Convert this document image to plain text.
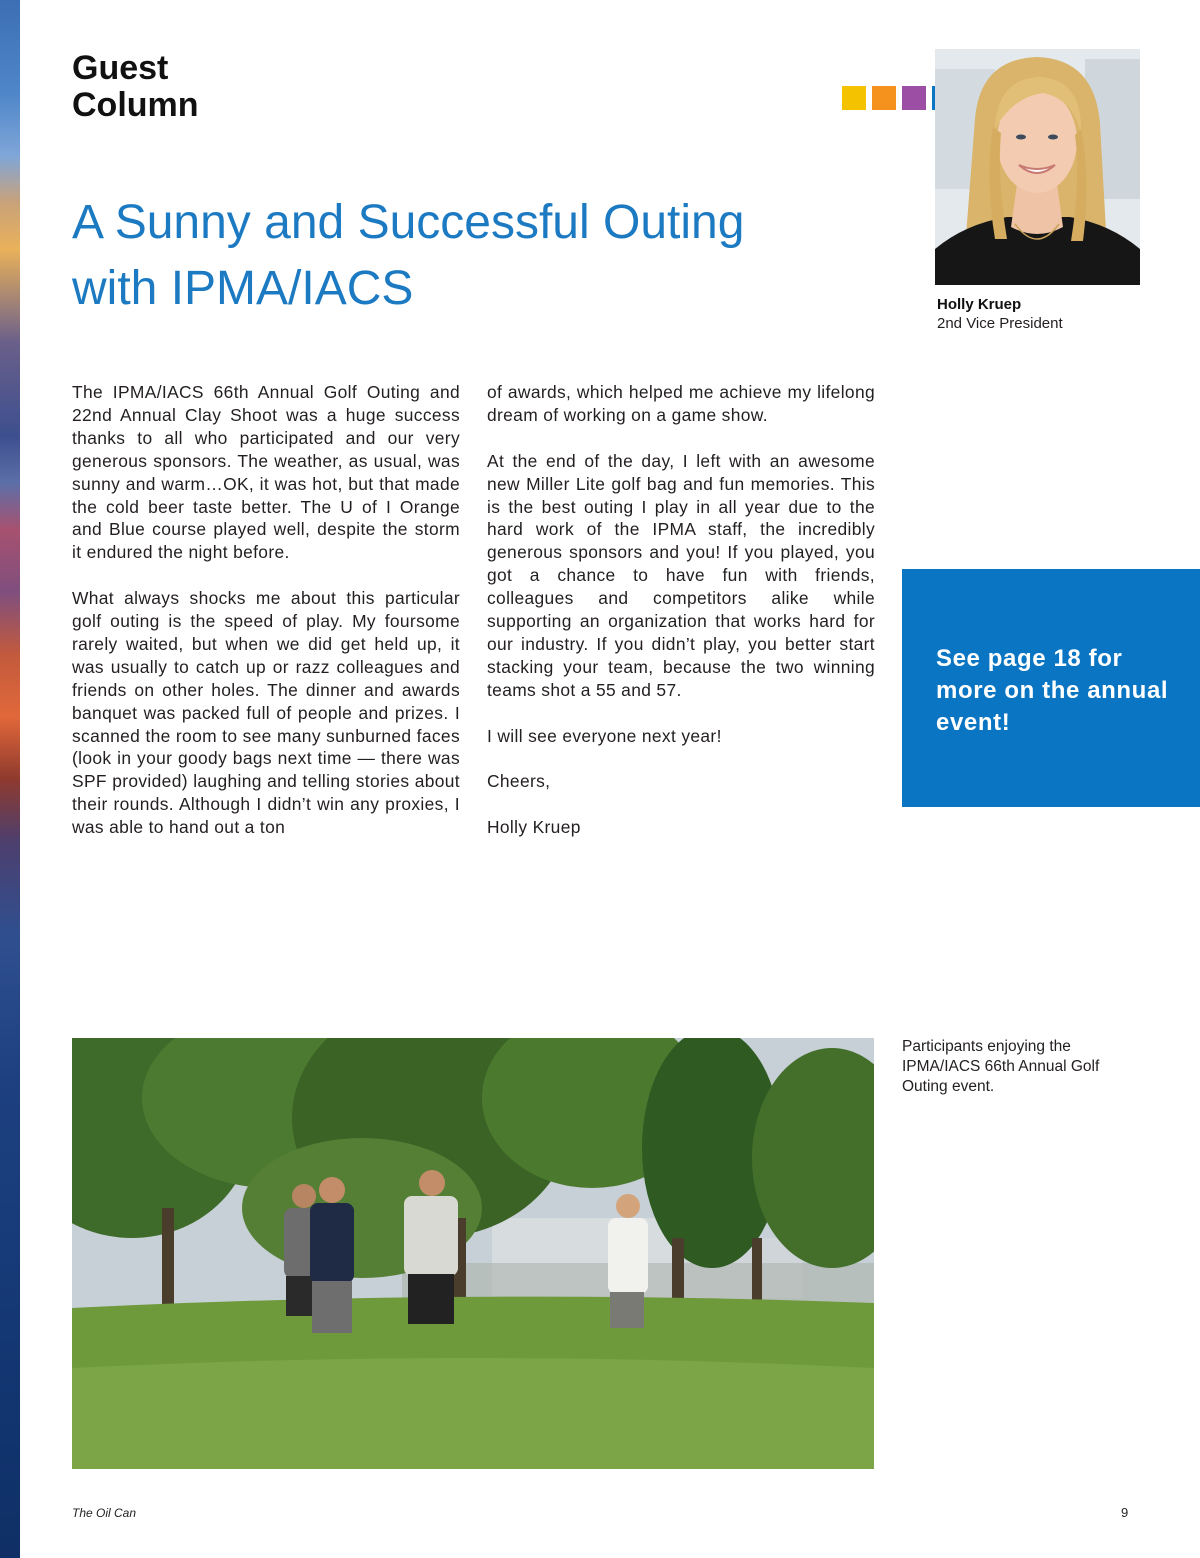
Guest
Column
A Sunny and Successful Outing
with IPMA/IACS	Holly Kruep
2nd Vice President

The IPMA/IACS 66th Annual Golf Outing and 22nd Annual Clay Shoot was a huge success thanks to all who participated and our very generous sponsors. The weather, as usual, was sunny and warm…OK, it was hot, but that made the cold beer taste better. The U of I Orange and Blue course played well, despite the storm it endured the night before.

What always shocks me about this particular golf outing is the speed of play. My foursome rarely waited, but when we did get held up, it was usually to catch up or razz colleagues and friends on other holes. The dinner and awards banquet was packed full of people and prizes. I scanned the room to see many sunburned faces (look in your goody bags next time — there was SPF provided) laughing and telling stories about their rounds. Although I didn’t win any proxies, I was able to hand out a ton

of awards, which helped me achieve my lifelong dream of working on a game show.

At the end of the day, I left with an awesome new Miller Lite golf bag and fun memories. This is the best outing I play in all year due to the hard work of the IPMA staff, the incredibly generous sponsors and you! If you played, you got a chance to have fun with friends, colleagues and competitors alike while supporting an organization that works hard for our industry. If you didn’t play, you better start stacking your team, because the two winning teams shot a 55 and 57.

I will see everyone next year!

Cheers,

Holly Kruep

See page 18 for more on the annual event!
Participants enjoying the IPMA/IACS 66th Annual Golf Outing event.
The Oil Can	9
